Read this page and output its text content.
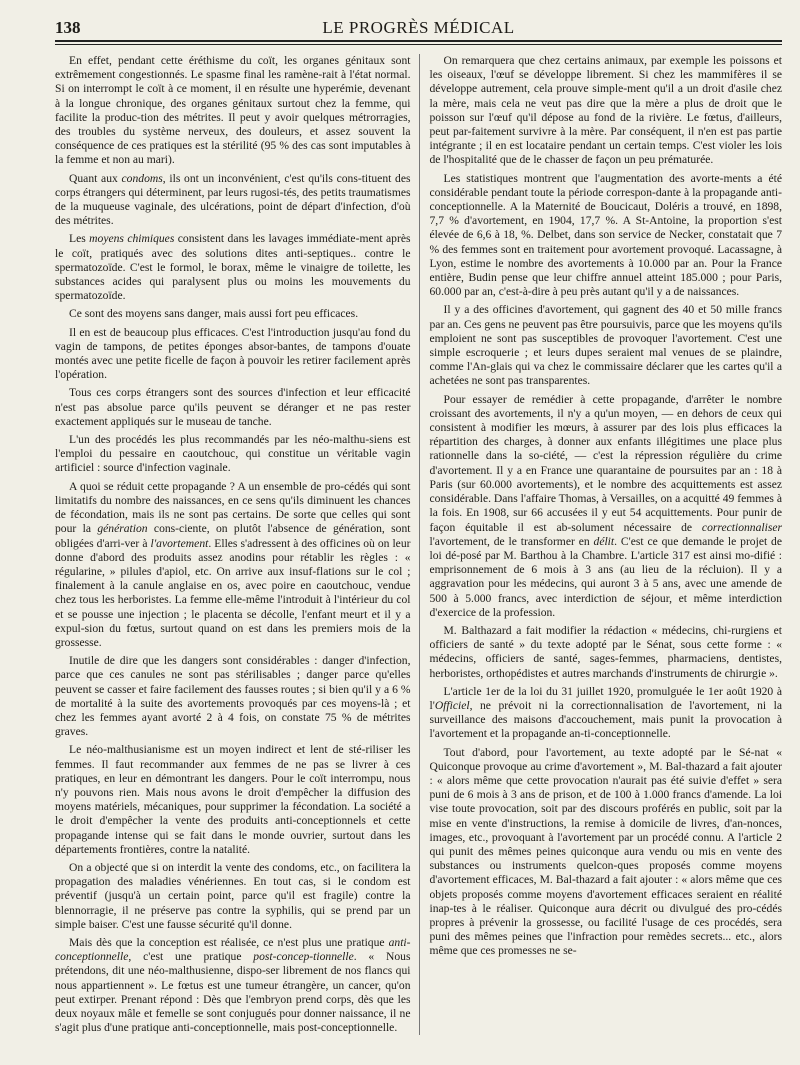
138	LE PROGRÈS MÉDICAL

En effet, pendant cette éréthisme du coït, les organes génitaux sont extrêmement congestionnés. Le spasme final les ramène-rait à l'état normal. Si on interrompt le coït à ce moment, il en résulte une hyperémie, devenant à la longue chronique, des organes génitaux surtout chez la femme, qui facilite la produc-tion des métrites. Il peut y avoir quelques métrorragies, des troubles du système nerveux, des douleurs, et assez souvent la conséquence de ces pratiques est la stérilité (95 % des cas sont imputables à la femme et non au mari).

Quant aux condoms, ils ont un inconvénient, c'est qu'ils cons-tituent des corps étrangers qui déterminent, par leurs rugosi-tés, des petits traumatismes de la muqueuse vaginale, des ulcérations, point de départ d'infection, d'où des métrites.

Les moyens chimiques consistent dans les lavages immédiate-ment après le coït, pratiqués avec des solutions dites anti-septiques.. contre le spermatozoïde. C'est le formol, le borax, même le vinaigre de toilette, les substances acides qui paralysent plus ou moins les mouvements du spermatozoïde.

Ce sont des moyens sans danger, mais aussi fort peu efficaces.

Il en est de beaucoup plus efficaces. C'est l'introduction jusqu'au fond du vagin de tampons, de petites éponges absor-bantes, de tampons d'ouate montés avec une petite ficelle de façon à pouvoir les retirer facilement après l'opération.

Tous ces corps étrangers sont des sources d'infection et leur efficacité n'est pas absolue parce qu'ils peuvent se déranger et ne pas rester exactement appliqués sur le museau de tanche.

L'un des procédés les plus recommandés par les néo-malthu-siens est l'emploi du pessaire en caoutchouc, qui constitue un véritable vagin artificiel : source d'infection vaginale.

A quoi se réduit cette propagande ? A un ensemble de pro-cédés qui sont limitatifs du nombre des naissances, en ce sens qu'ils diminuent les chances de fécondation, mais ils ne sont pas certains. De sorte que celles qui sont pour la génération cons-ciente, on plutôt l'absence de génération, sont obligées d'arri-ver à l'avortement. Elles s'adressent à des officines où on leur donne d'abord des produits assez anodins pour rétablir les règles : « régularine, » pilules d'apiol, etc. On arrive aux insuf-flations sur le col ; finalement à la canule anglaise en os, avec poire en caoutchouc, vendue chez tous les herboristes. La femme elle-même l'introduit à l'intérieur du col et se pousse une injection ; le placenta se décolle, l'enfant meurt et il y a expul-sion du fœtus, surtout quand on est dans les premiers mois de la grossesse.

Inutile de dire que les dangers sont considérables : danger d'infection, parce que ces canules ne sont pas stérilisables ; danger parce qu'elles peuvent se casser et faire facilement des fausses routes ; si bien qu'il y a 6 % de mortalité à la suite des avortements provoqués par ces moyens-là ; et chez les femmes ayant avorté 2 à 4 fois, on constate 75 % de métrites graves.

Le néo-malthusianisme est un moyen indirect et lent de sté-riliser les femmes. Il faut recommander aux femmes de ne pas se livrer à ces pratiques, en leur en démontrant les dangers. Pour le coït interrompu, nous n'y pouvons rien. Mais nous avons le droit d'empêcher la diffusion des moyens matériels, mécaniques, pour supprimer la fécondation. La société a le droit d'empêcher la vente des produits anti-conceptionnels et cette propagande intense qui se fait dans le monde ouvrier, surtout dans les départements frontières, contre la natalité.

On a objecté que si on interdit la vente des condoms, etc., on facilitera la propagation des maladies vénériennes. En tout cas, si le condom est préventif (jusqu'à un certain point, parce qu'il est fragile) contre la blennorragie, il ne préserve pas contre la syphilis, qui se prend par un simple baiser. C'est une fausse sécurité qu'il donne.

Mais dès que la conception est réalisée, ce n'est plus une pratique anti-conceptionnelle, c'est une pratique post-concep-tionnelle. « Nous prétendons, dit une néo-malthusienne, dispo-ser librement de nos flancs qui nous appartiennent ». Le fœtus est une tumeur étrangère, un cancer, qu'on peut extirper. Prenant répond : Dès que l'embryon prend corps, dès que les deux noyaux mâle et femelle se sont conjugués pour donner naissance, il ne s'agit plus d'une pratique anti-conceptionnelle, mais post-conceptionnelle.

On remarquera que chez certains animaux, par exemple les poissons et les oiseaux, l'œuf se développe librement. Si chez les mammifères il se développe autrement, cela prouve simple-ment qu'il a un droit d'asile chez la mère, mais cela ne veut pas dire que la mère a plus de droit que le poisson sur l'œuf qu'il dépose au fond de la rivière. Le fœtus, d'ailleurs, peut par-faitement survivre à la mère. Par conséquent, il n'en est pas partie intégrante ; il en est locataire pendant un certain temps. C'est violer les lois de l'hospitalité que de le chasser de façon un peu prématurée.

Les statistiques montrent que l'augmentation des avorte-ments a été considérable pendant toute la période correspon-dante à la propagande anti-conceptionnelle. A la Maternité de Boucicaut, Doléris a trouvé, en 1898, 7,7 % d'avortement, en 1904, 17,7 %. A St-Antoine, la proportion s'est élevée de 6,6 à 18, %. Delbet, dans son service de Necker, constatait que 7 % des femmes sont en traitement pour avortement provoqué. Lacassagne, à Lyon, estime le nombre des avortements à 10.000 par an. Pour la France entière, Budin pense que leur chiffre annuel atteint 185.000 ; pour Paris, 60.000 par an, c'est-à-dire à peu près autant qu'il y a de naissances.

Il y a des officines d'avortement, qui gagnent des 40 et 50 mille francs par an. Ces gens ne peuvent pas être poursuivis, parce que les moyens qu'ils emploient ne sont pas susceptibles de provoquer l'avortement. C'est une simple escroquerie ; et leurs dupes seraient mal venues de se plaindre, comme l'An-glais qui va chez le commissaire déclarer que les cartes qu'il a achetées ne sont pas transparentes.

Pour essayer de remédier à cette propagande, d'arrêter le nombre croissant des avortements, il n'y a qu'un moyen, — en dehors de ceux qui consistent à modifier les mœurs, à assurer par des lois plus efficaces la répartition des charges, à donner aux enfants illégitimes une place plus rationnelle dans la so-ciété, — c'est la répression régulière du crime d'avortement. Il y a en France une quarantaine de poursuites par an : 18 à Paris (sur 60.000 avortements), et le nombre des acquittements est assez considérable. Dans l'affaire Thomas, à Versailles, on a acquitté 49 femmes à la fois. En 1908, sur 66 accusées il y eut 54 acquittements. Pour punir de façon équitable il est ab-solument nécessaire de correctionnaliser l'avortement, de le transformer en délit. C'est ce que demande le projet de loi dé-posé par M. Barthou à la Chambre. L'article 317 est ainsi mo-difié : emprisonnement de 6 mois à 3 ans (au lieu de la récluion). Il y a aggravation pour les médecins, qui auront 3 à 5 ans, avec une amende de 500 à 5.000 francs, avec interdiction de séjour, et même interdiction d'exercice de la profession.

M. Balthazard a fait modifier la rédaction « médecins, chi-rurgiens et officiers de santé » du texte adopté par le Sénat, sous cette forme : « médecins, officiers de santé, sages-femmes, pharmaciens, dentistes, herboristes, orthopédistes et autres marchands d'instruments de chirurgie ».

L'article 1er de la loi du 31 juillet 1920, promulguée le 1er août 1920 à l'Officiel, ne prévoit ni la correctionnalisation de l'avortement, ni la surveillance des maisons d'accouchement, mais punit la provocation à l'avortement et la propagande an-ti-conceptionnelle.

Tout d'abord, pour l'avortement, au texte adopté par le Sé-nat « Quiconque provoque au crime d'avortement », M. Bal-thazard a fait ajouter : « alors même que cette provocation n'aurait pas été suivie d'effet » sera puni de 6 mois à 3 ans de prison, et de 100 à 1.000 francs d'amende. La loi vise toute provocation, soit par des discours proférés en public, soit par la mise en vente d'instructions, la remise à domicile de livres, d'an-nonces, images, etc., provoquant à l'avortement par un procédé connu. A l'article 2 qui punit des mêmes peines quiconque aura vendu ou mis en vente des substances ou instruments quelcon-ques proposés comme moyens d'avortement efficaces, M. Bal-thazard a fait ajouter : « alors même que ces objets proposés comme moyens d'avortement efficaces seraient en réalité inap-tes à le réaliser. Quiconque aura décrit ou divulgué des pro-cédés propres à prévenir la grossesse, ou facilité l'usage de ces procédés, sera puni des mêmes peines que l'infraction pour remèdes secrets... etc., alors même que ces promesses ne se-
